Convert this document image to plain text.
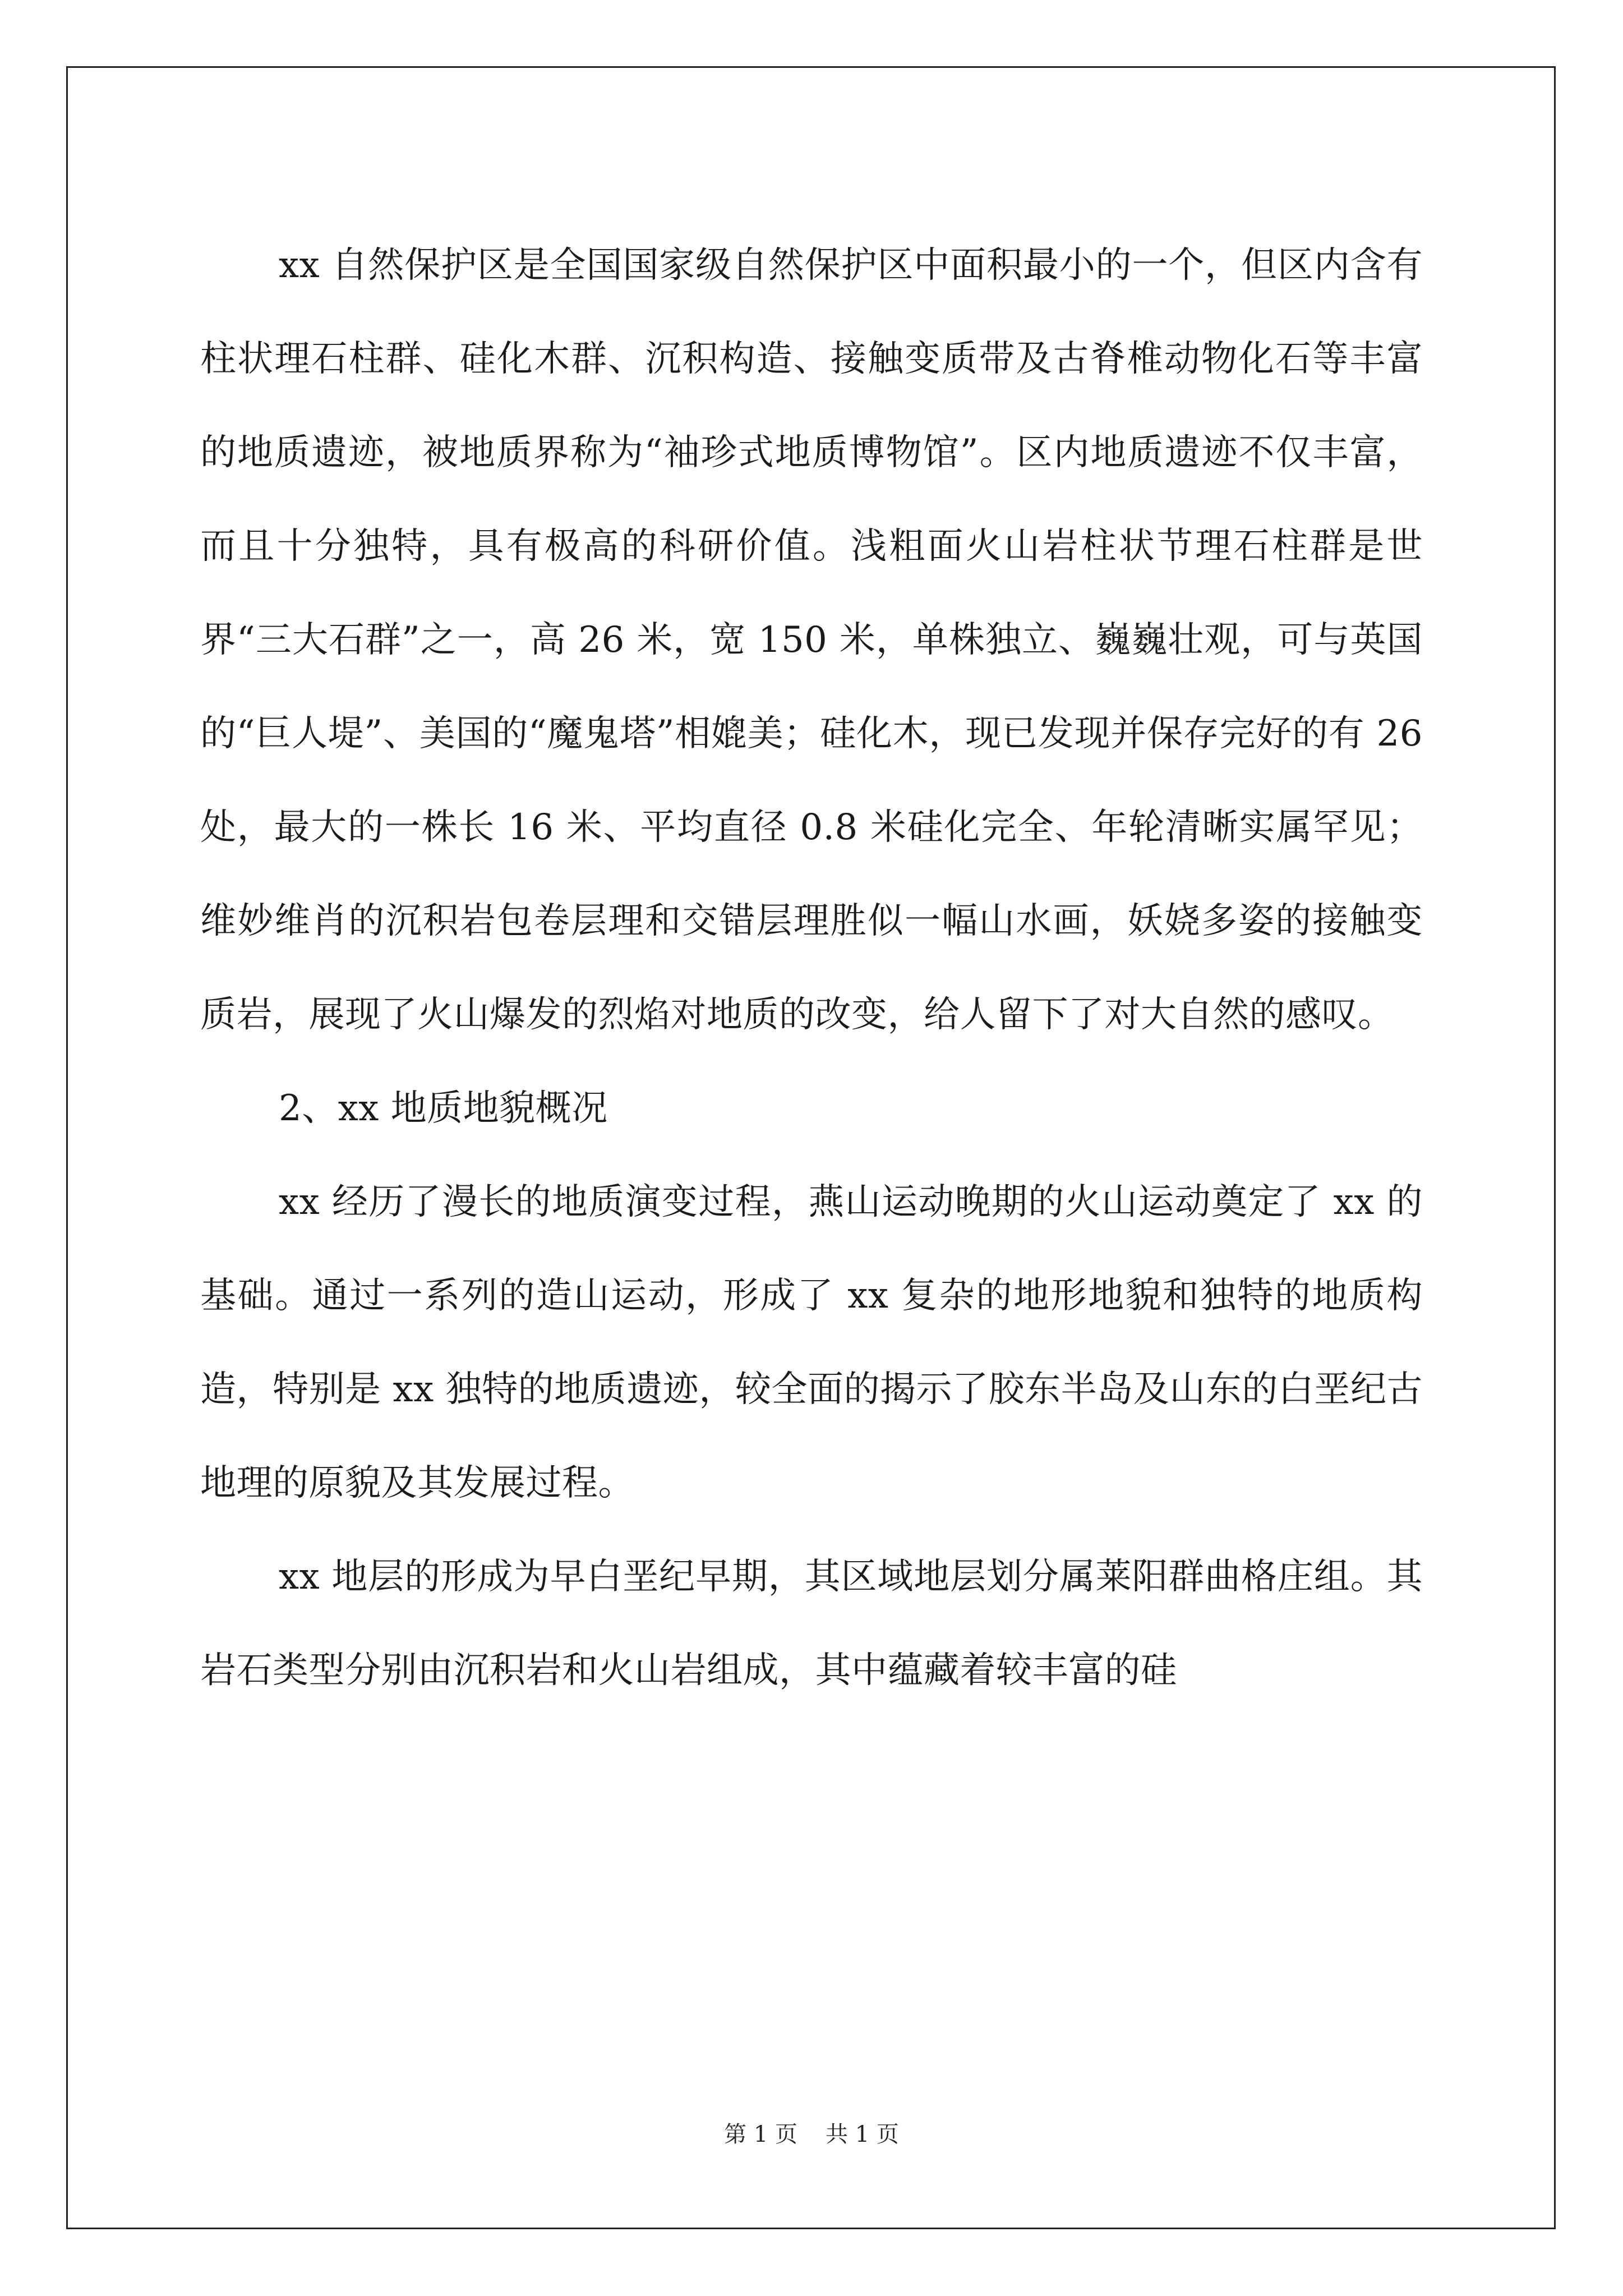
xx 自然保护区是全国国家级自然保护区中面积最小的一个，但区内含有柱状理石柱群、硅化木群、沉积构造、接触变质带及古脊椎动物化石等丰富的地质遗迹，被地质界称为“袖珍式地质博物馆”。区内地质遗迹不仅丰富，而且十分独特，具有极高的科研价值。浅粗面火山岩柱状节理石柱群是世界“三大石群”之一，高 26 米，宽 150 米，单株独立、巍巍壮观，可与英国的“巨人堤”、美国的“魔鬼塔”相媲美；硅化木，现已发现并保存完好的有 26 处，最大的一株长 16 米、平均直径 0.8 米硅化完全、年轮清晰实属罕见；维妙维肖的沉积岩包卷层理和交错层理胜似一幅山水画，妖娆多姿的接触变质岩，展现了火山爆发的烈焰对地质的改变，给人留下了对大自然的感叹。

2、xx 地质地貌概况

xx 经历了漫长的地质演变过程，燕山运动晚期的火山运动奠定了 xx 的基础。通过一系列的造山运动，形成了 xx 复杂的地形地貌和独特的地质构造，特别是 xx 独特的地质遗迹，较全面的揭示了胶东半岛及山东的白垩纪古地理的原貌及其发展过程。

xx 地层的形成为早白垩纪早期，其区域地层划分属莱阳群曲格庄组。其岩石类型分别由沉积岩和火山岩组成，其中蕴藏着较丰富的硅

第 1 页 共 1 页
